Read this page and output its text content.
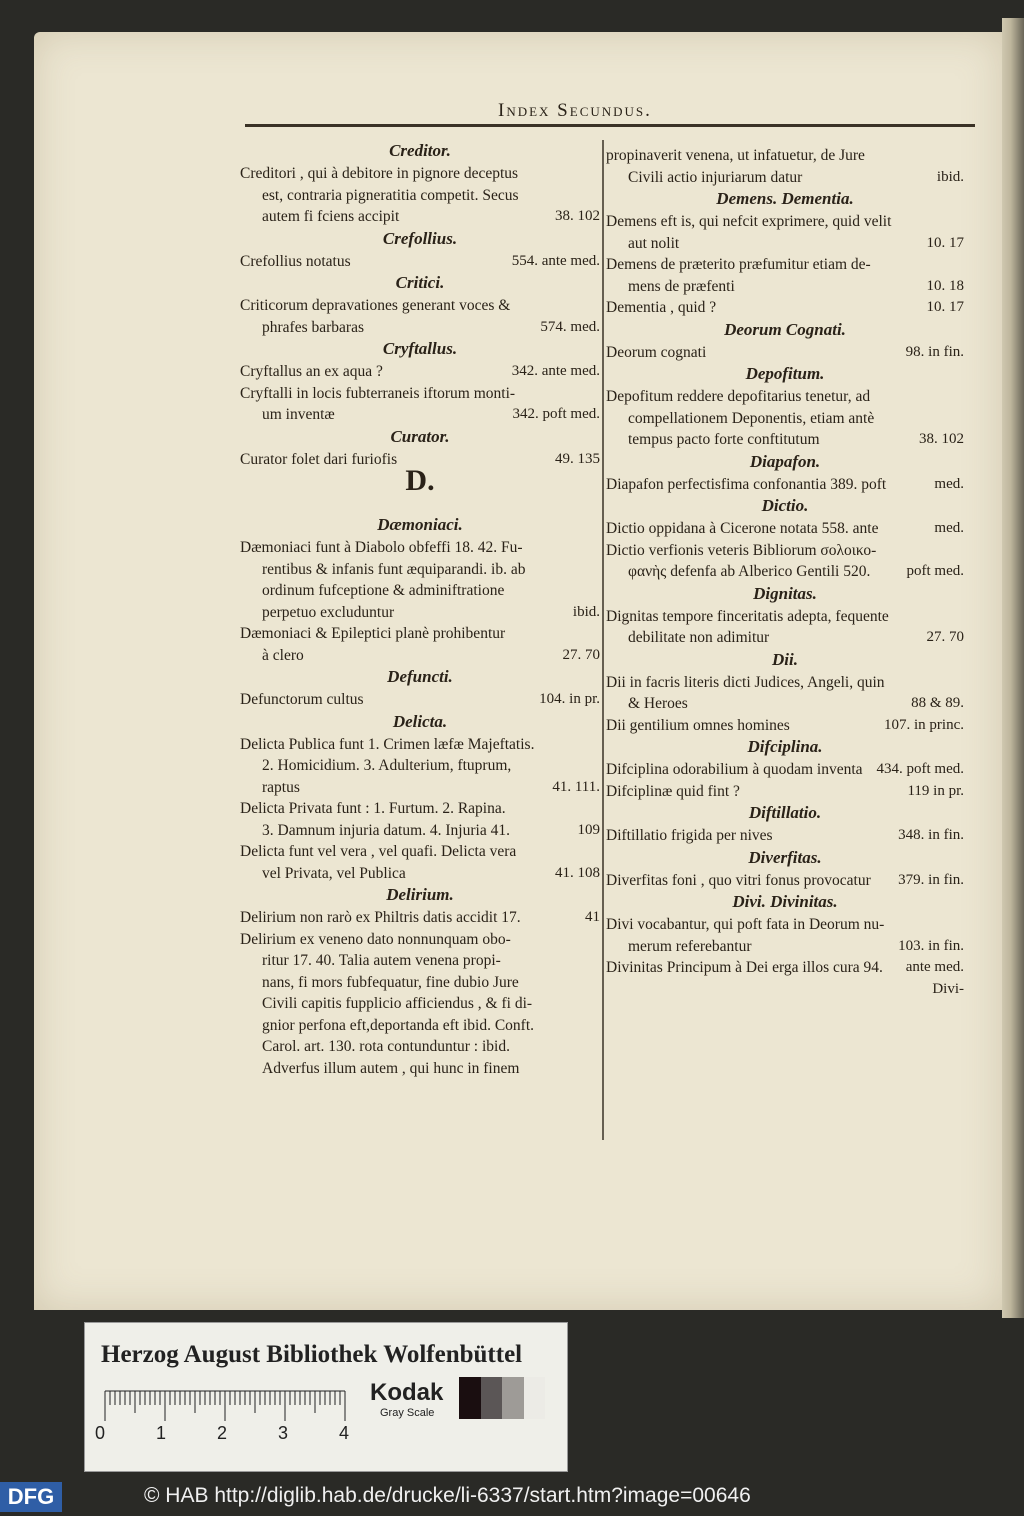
Index Secundus.
Creditor.
Creditori , qui à debitore in pignore deceptus
est, contraria pigneratitia competit. Secus
autem fi fciens accipit	38. 102
Crefollius.
Crefollius notatus	554. ante med.
Critici.
Criticorum depravationes generant voces &
phrafes barbaras	574. med.
Cryftallus.
Cryftallus an ex aqua ?	342. ante med.
Cryftalli in locis fubterraneis iftorum monti-
um inventæ	342. poft med.
Curator.
Curator folet dari furiofis	49. 135
D.
Dæmoniaci.
Dæmoniaci funt à Diabolo obfeffi 18. 42. Fu-
rentibus & infanis funt æquiparandi. ib. ab
ordinum fufceptione & adminiftratione
perpetuo excluduntur	ibid.
Dæmoniaci & Epileptici planè prohibentur
à clero	27. 70
Defuncti.
Defunctorum cultus	104. in pr.
Delicta.
Delicta Publica funt 1. Crimen læfæ Majeftatis.
2. Homicidium. 3. Adulterium, ftuprum,
raptus	41. 111.
Delicta Privata funt : 1. Furtum. 2. Rapina.
3. Damnum injuria datum. 4. Injuria 41.	109
Delicta funt vel vera , vel quafi. Delicta vera
vel Privata, vel Publica	41. 108
Delirium.
Delirium non rarò ex Philtris datis accidit 17.	41
Delirium ex veneno dato nonnunquam obo-
ritur 17. 40. Talia autem venena propi-
nans, fi mors fubfequatur, fine dubio Jure
Civili capitis fupplicio afficiendus , & fi di-
gnior perfona eft,deportanda eft ibid. Conft.
Carol. art. 130. rota contunduntur : ibid.
Adverfus illum autem , qui hunc in finem
propinaverit venena, ut infatuetur, de Jure
Civili actio injuriarum datur	ibid.
Demens. Dementia.
Demens eft is, qui nefcit exprimere, quid velit
aut nolit	10. 17
Demens de præterito præfumitur etiam de-
mens de præfenti	10. 18
Dementia , quid ?	10. 17
Deorum Cognati.
Deorum cognati	98. in fin.
Depofitum.
Depofitum reddere depofitarius tenetur, ad
compellationem Deponentis, etiam antè
tempus pacto forte conftitutum	38. 102
Diapafon.
Diapafon perfectisfima confonantia 389. poft	med.
Dictio.
Dictio oppidana à Cicerone notata 558. ante	med.
Dictio verfionis veteris Bibliorum σολοικο-
φανὴς defenfa ab Alberico Gentili 520.	poft med.
Dignitas.
Dignitas tempore finceritatis adepta, fequente
debilitate non adimitur	27. 70
Dii.
Dii in facris literis dicti Judices, Angeli, quin
& Heroes	88 & 89.
Dii gentilium omnes homines	107. in princ.
Difciplina.
Difciplina odorabilium à quodam inventa 434. poft med.
Difciplinæ quid fint ?	119 in pr.
Diftillatio.
Diftillatio frigida per nives	348. in fin.
Diverfitas.
Diverfitas foni , quo vitri fonus provocatur	379. in fin.
Divi. Divinitas.
Divi vocabantur, qui poft fata in Deorum nu-
merum referebantur	103. in fin.
Divinitas Principum à Dei erga illos cura 94.	ante med.
Divi-
Herzog August Bibliothek Wolfenbüttel
0	1	2	3	4
Kodak
Gray Scale
DFG	© HAB http://diglib.hab.de/drucke/li-6337/start.htm?image=00646
